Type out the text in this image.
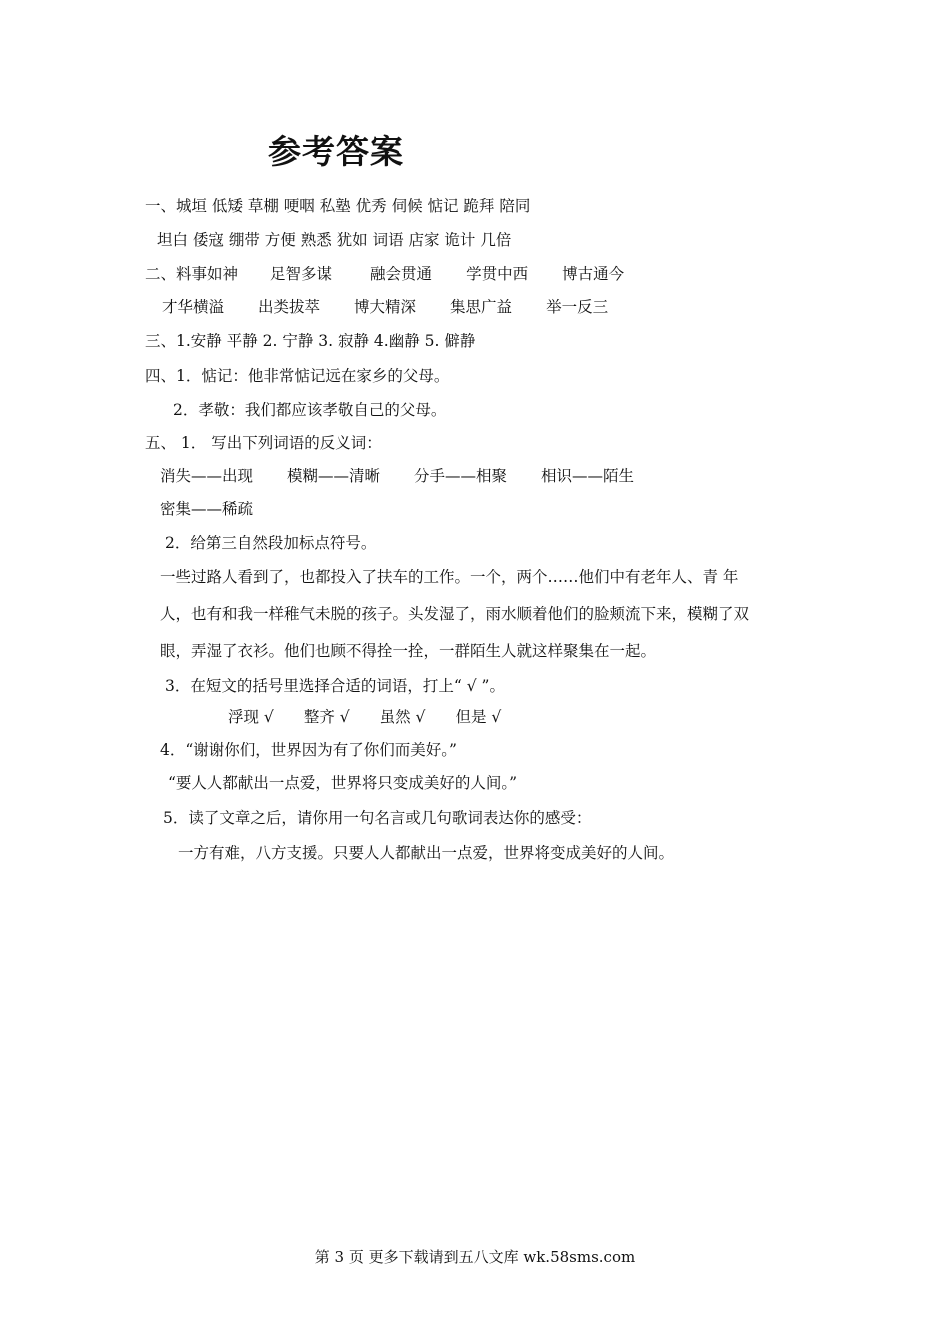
参考答案
一、城垣 低矮 草棚 哽咽 私塾 优秀 伺候 惦记 跪拜 陪同
坦白 倭寇 绷带 方便 熟悉 犹如 词语 店家 诡计 几倍
二、料事如神 足智多谋 融会贯通 学贯中西 博古通今
才华横溢 出类拔萃 博大精深 集思广益 举一反三
三、1.安静 平静 2. 宁静 3. 寂静 4.幽静 5. 僻静
四、1．惦记：他非常惦记远在家乡的父母。
2．孝敬：我们都应该孝敬自己的父母。
五、 1． 写出下列词语的反义词：
消失——出现 模糊——清晰 分手——相聚 相识——陌生
密集——稀疏
2．给第三自然段加标点符号。
一些过路人看到了，也都投入了扶车的工作。一个，两个……他们中有老年人、青 年
人，也有和我一样稚气未脱的孩子。头发湿了，雨水顺着他们的脸颊流下来，模糊了双
眼，弄湿了衣衫。他们也顾不得拴一拴，一群陌生人就这样聚集在一起。
3．在短文的括号里选择合适的词语，打上“ √ ”。
浮现 √ 整齐 √ 虽然 √ 但是 √
4．“谢谢你们，世界因为有了你们而美好。”
“要人人都献出一点爱，世界将只变成美好的人间。”
5．读了文章之后，请你用一句名言或几句歌词表达你的感受：
一方有难，八方支援。只要人人都献出一点爱，世界将变成美好的人间。
第 3 页 更多下载请到五八文库 wk.58sms.com
